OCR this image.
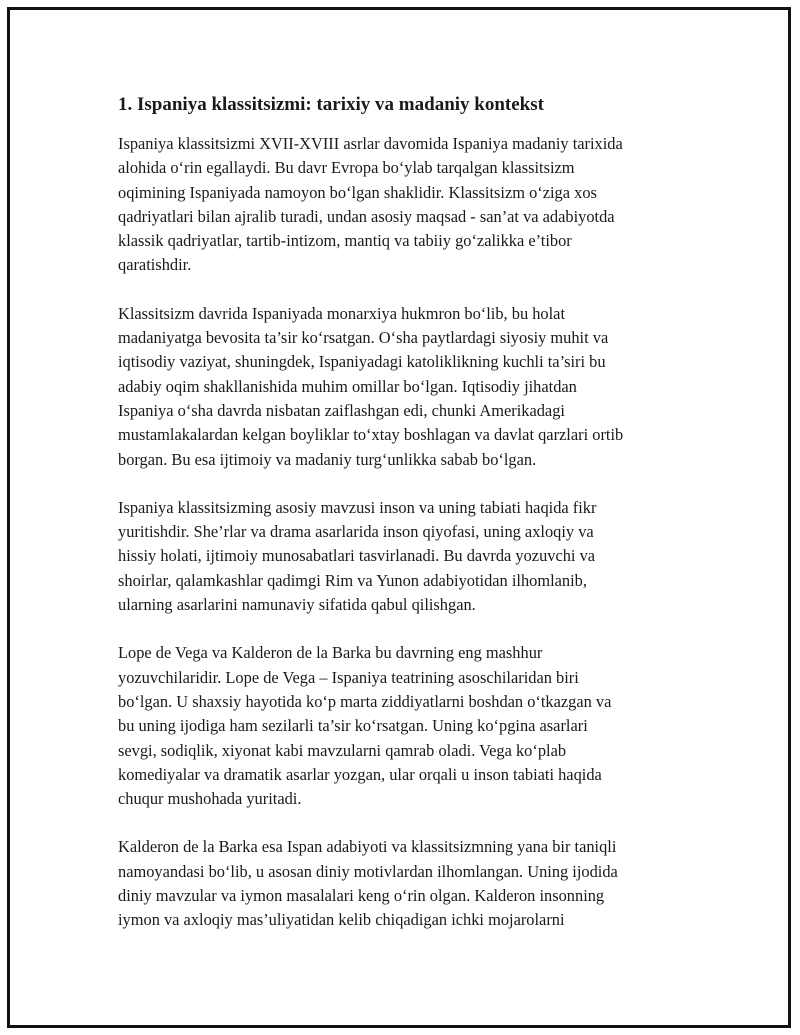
1. Ispaniya klassitsizmi: tarixiy va madaniy kontekst
Ispaniya klassitsizmi XVII-XVIII asrlar davomida Ispaniya madaniy tarixida
alohida o‘rin egallaydi. Bu davr Evropa bo‘ylab tarqalgan klassitsizm
oqimining Ispaniyada namoyon bo‘lgan shaklidir. Klassitsizm o‘ziga xos
qadriyatlari bilan ajralib turadi, undan asosiy maqsad - san’at va adabiyotda
klassik qadriyatlar, tartib-intizom, mantiq va tabiiy go‘zalikka e’tibor
qaratishdir.
Klassitsizm davrida Ispaniyada monarxiya hukmron bo‘lib, bu holat
madaniyatga bevosita ta’sir ko‘rsatgan. O‘sha paytlardagi siyosiy muhit va
iqtisodiy vaziyat, shuningdek, Ispaniyadagi katoliklikning kuchli ta’siri bu
adabiy oqim shakllanishida muhim omillar bo‘lgan. Iqtisodiy jihatdan
Ispaniya o‘sha davrda nisbatan zaiflashgan edi, chunki Amerikadagi
mustamlakalardan kelgan boyliklar to‘xtay boshlagan va davlat qarzlari ortib
borgan. Bu esa ijtimoiy va madaniy turg‘unlikka sabab bo‘lgan.
Ispaniya klassitsizming asosiy mavzusi inson va uning tabiati haqida fikr
yuritishdir. She’rlar va drama asarlarida inson qiyofasi, uning axloqiy va
hissiy holati, ijtimoiy munosabatlari tasvirlanadi. Bu davrda yozuvchi va
shoirlar, qalamkashlar qadimgi Rim va Yunon adabiyotidan ilhomlanib,
ularning asarlarini namunaviy sifatida qabul qilishgan.
Lope de Vega va Kalderon de la Barka bu davrning eng mashhur
yozuvchilaridir. Lope de Vega – Ispaniya teatrining asoschilaridan biri
bo‘lgan. U shaxsiy hayotida ko‘p marta ziddiyatlarni boshdan o‘tkazgan va
bu uning ijodiga ham sezilarli ta’sir ko‘rsatgan. Uning ko‘pgina asarlari
sevgi, sodiqlik, xiyonat kabi mavzularni qamrab oladi. Vega ko‘plab
komediyalar va dramatik asarlar yozgan, ular orqali u inson tabiati haqida
chuqur mushohada yuritadi.
Kalderon de la Barka esa Ispan adabiyoti va klassitsizmning yana bir taniqli
namoyandasi bo‘lib, u asosan diniy motivlardan ilhomlangan. Uning ijodida
diniy mavzular va iymon masalalari keng o‘rin olgan. Kalderon insonning
iymon va axloqiy mas’uliyatidan kelib chiqadigan ichki mojarolarni
